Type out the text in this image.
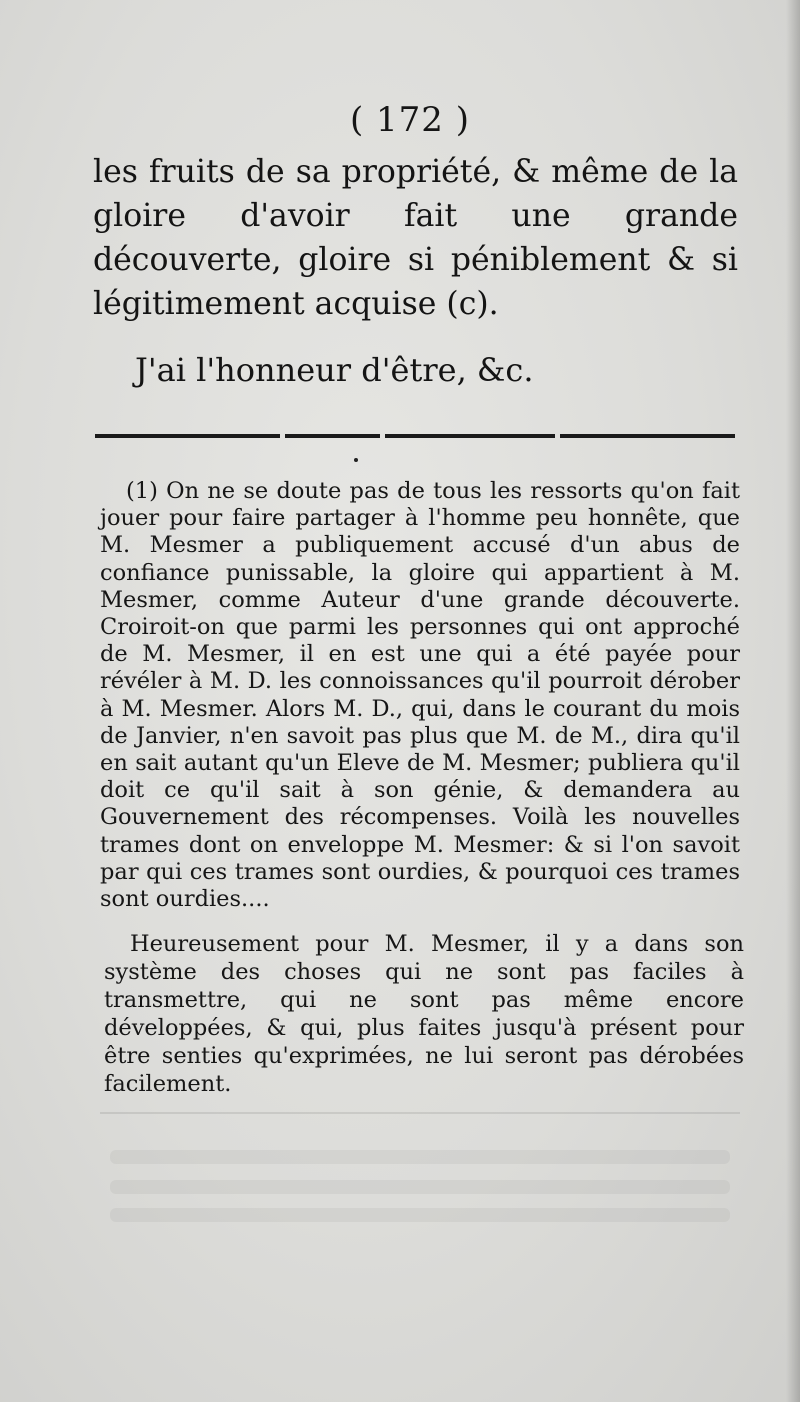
( 172 )

les fruits de sa propriété, & même de la gloire d'avoir fait une grande découverte, gloire si péniblement & si légitimement acquise (c).

J'ai l'honneur d'être, &c.

(1) On ne se doute pas de tous les ressorts qu'on fait jouer pour faire partager à l'homme peu honnête, que M. Mesmer a publiquement accusé d'un abus de confiance punissable, la gloire qui appartient à M. Mesmer, comme Auteur d'une grande découverte. Croiroit-on que parmi les personnes qui ont approché de M. Mesmer, il en est une qui a été payée pour révéler à M. D. les connoissances qu'il pourroit dérober à M. Mesmer. Alors M. D., qui, dans le courant du mois de Janvier, n'en savoit pas plus que M. de M., dira qu'il en sait autant qu'un Eleve de M. Mesmer; publiera qu'il doit ce qu'il sait à son génie, & demandera au Gouvernement des récompenses. Voilà les nouvelles trames dont on enveloppe M. Mesmer: & si l'on savoit par qui ces trames sont ourdies, & pourquoi ces trames sont ourdies....

Heureusement pour M. Mesmer, il y a dans son système des choses qui ne sont pas faciles à transmettre, qui ne sont pas même encore développées, & qui, plus faites jusqu'à présent pour être senties qu'exprimées, ne lui seront pas dérobées facilement.
